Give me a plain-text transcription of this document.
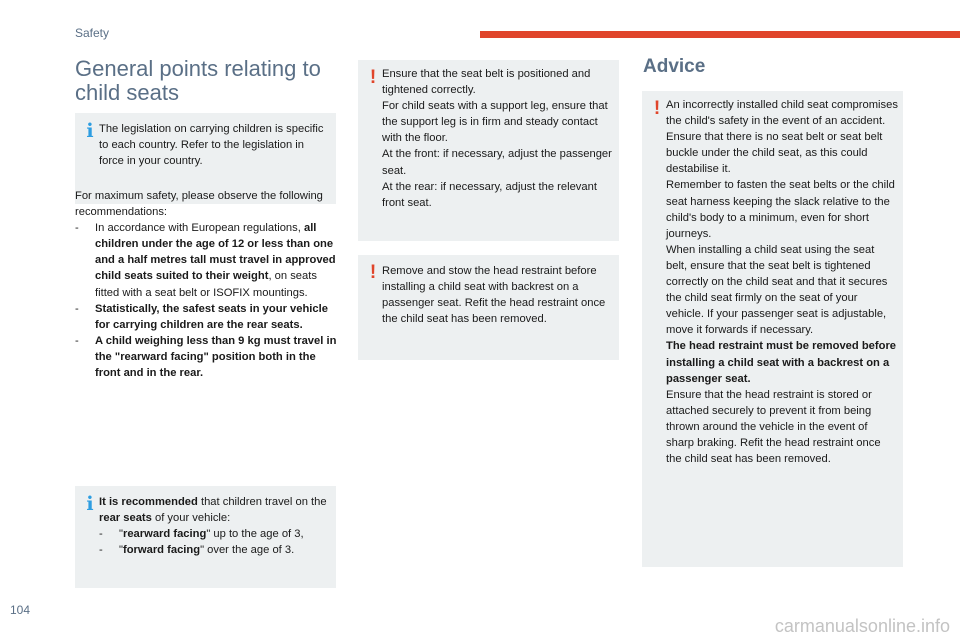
Safety
General points relating to child seats
i The legislation on carrying children is specific to each country. Refer to the legislation in force in your country.

For maximum safety, please observe the following recommendations:

-	In accordance with European regulations, all children under the age of 12 or less than one and a half metres tall must travel in approved child seats suited to their weight, on seats fitted with a seat belt or ISOFIX mountings.
-	Statistically, the safest seats in your vehicle for carrying children are the rear seats.
-	A child weighing less than 9 kg must travel in the "rearward facing" position both in the front and in the rear.
i It is recommended that children travel on the rear seats of your vehicle:

-	"rearward facing" up to the age of 3,
-	"forward facing" over the age of 3.
! Ensure that the seat belt is positioned and tightened correctly.

For child seats with a support leg, ensure that the support leg is in firm and steady contact with the floor.

At the front: if necessary, adjust the passenger seat.

At the rear: if necessary, adjust the relevant front seat.

! Remove and stow the head restraint before installing a child seat with backrest on a passenger seat. Refit the head restraint once the child seat has been removed.

Advice
! An incorrectly installed child seat compromises the child's safety in the event of an accident.

Ensure that there is no seat belt or seat belt buckle under the child seat, as this could destabilise it.

Remember to fasten the seat belts or the child seat harness keeping the slack relative to the child's body to a minimum, even for short journeys.

When installing a child seat using the seat belt, ensure that the seat belt is tightened correctly on the child seat and that it secures the child seat firmly on the seat of your vehicle. If your passenger seat is adjustable, move it forwards if necessary.

The head restraint must be removed before installing a child seat with a backrest on a passenger seat.

Ensure that the head restraint is stored or attached securely to prevent it from being thrown around the vehicle in the event of sharp braking. Refit the head restraint once the child seat has been removed.

104
carmanualsonline.info
